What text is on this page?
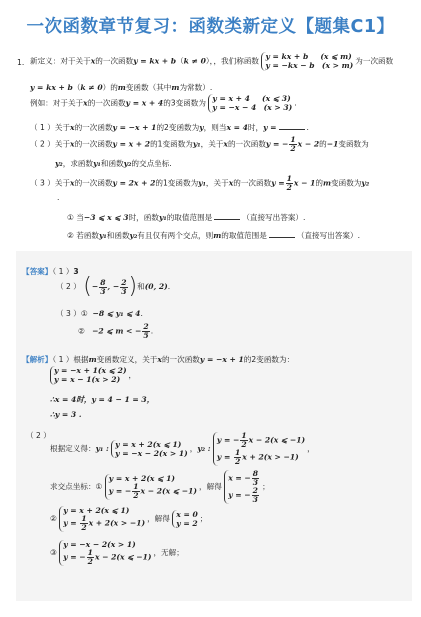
一次函数章节复习：函数类新定义【题集C1】
1. 新定义：对于关于x的一次函数y = kx + b（k ≠ 0），，我们称函数 y = kx + b (x ⩽ m)
y = −kx − b (x > m)
为一次函数
y = kx + b（k ≠ 0）的m变函数（其中m为常数）.
例如：对于关于x的一次函数y = x + 4的3变函数为 y = x + 4 (x ⩽ 3)
y = −x − 4 (x > 3)
.
（ 1 ）关于x的一次函数y = −x + 1的2变函数为y，则当x = 4时，y =	.
（ 2 ）关于x的一次函数y = x + 2的1变函数为y₁，关于x的一次函数y = − $\frac{1}{2}$ x − 2的−1变函数为
y₂，求函数y₁和函数y₂的交点坐标.
（ 3 ）关于x的一次函数y = 2x + 2的1变函数为y₁，关于x的一次函数$y = \frac{1}{2}$ x − 1的m变函数为y₂
.
① 当−3 ⩽ x ⩽ 3时，函数y₁的取值范围是	（直接写出答案）.
② 若函数y₁和函数y₂有且仅有两个交点，则m的取值范围是	（直接写出答案）.
【答案】（ 1 ）3
（ 2 ） (− $\frac{8}{3}$ , − $\frac{2}{3}$ )和(0, 2).
（ 3 ）① −8 ⩽ y₁ ⩽ 4.
② −2 ⩽ m < − $\frac{2}{5}$ .
【解析】（ 1 ）根据m变函数定义，关于x的一次函数y = −x + 1的2变函数为：
y = −x + 1(x ⩽ 2)
y = x − 1(x > 2)
，
∴x = 4时，y = 4 − 1 = 3，
∴y = 3 .
（ 2 ）
根据定义得：y₁ : y = x + 2(x ⩽ 1)
y = −x − 2(x > 1)
，y₂ :
y = − $\frac{1}{2}$ x − 2(x ⩽ −1)
$y = \frac{1}{2}$ x + 2(x > −1)
，
求交点坐标：①
y = x + 2(x ⩽ 1)
y = − $\frac{1}{2}$ x − 2(x ⩽ −1)
，解得
x = − $\frac{8}{3}$
y = − $\frac{2}{3}$
；
②
y = x + 2(x ⩽ 1)
$y = \frac{1}{2}$ x + 2(x > −1)
，解得 x = 0
y = 2
；
③
y = −x − 2(x > 1)
y = − $\frac{1}{2}$ x − 2(x ⩽ −1)
，无解；
